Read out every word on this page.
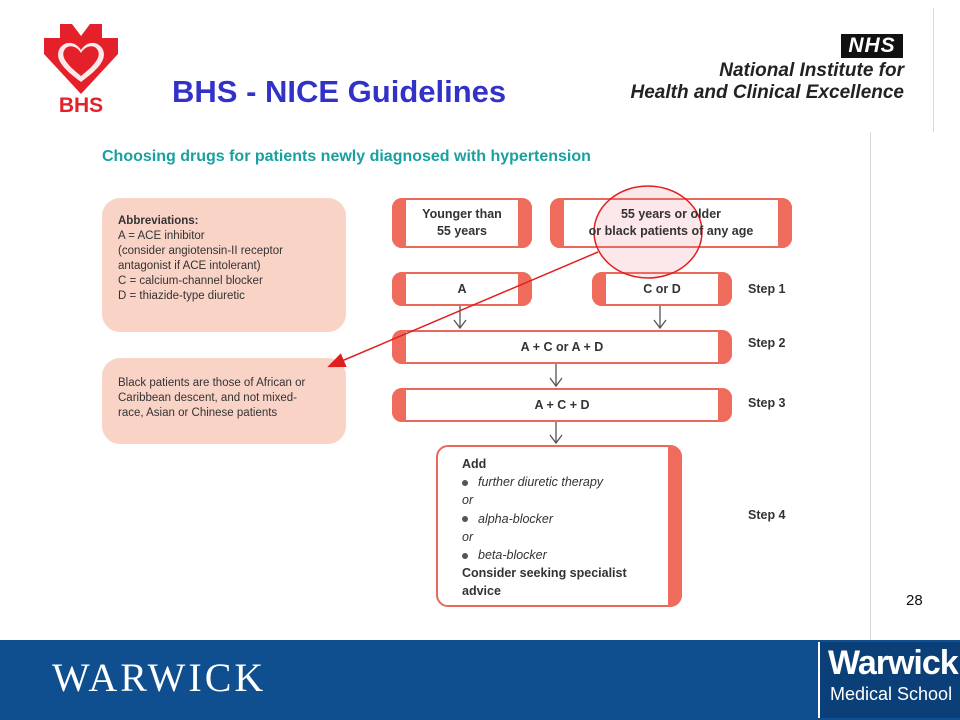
BHS	BHS - NICE Guidelines
NHS
National Institute for
Health and Clinical Excellence
Choosing drugs for patients newly diagnosed with hypertension
Abbreviations:
A = ACE inhibitor
(consider angiotensin-II receptor
antagonist if ACE intolerant)
C = calcium-channel blocker
D = thiazide-type diuretic
Black patients are those of African or
Caribbean descent, and not mixed-
race, Asian or Chinese patients
Younger than
55 years
55 years or older
or black patients of any age
A	C or D
A + C or A + D
A + C + D
Add
further diuretic therapy
or
alpha-blocker
or
beta-blocker
Consider seeking specialist
advice
Step 1
Step 2
Step 3
Step 4
28
WARWICK	Warwick
Medical School
